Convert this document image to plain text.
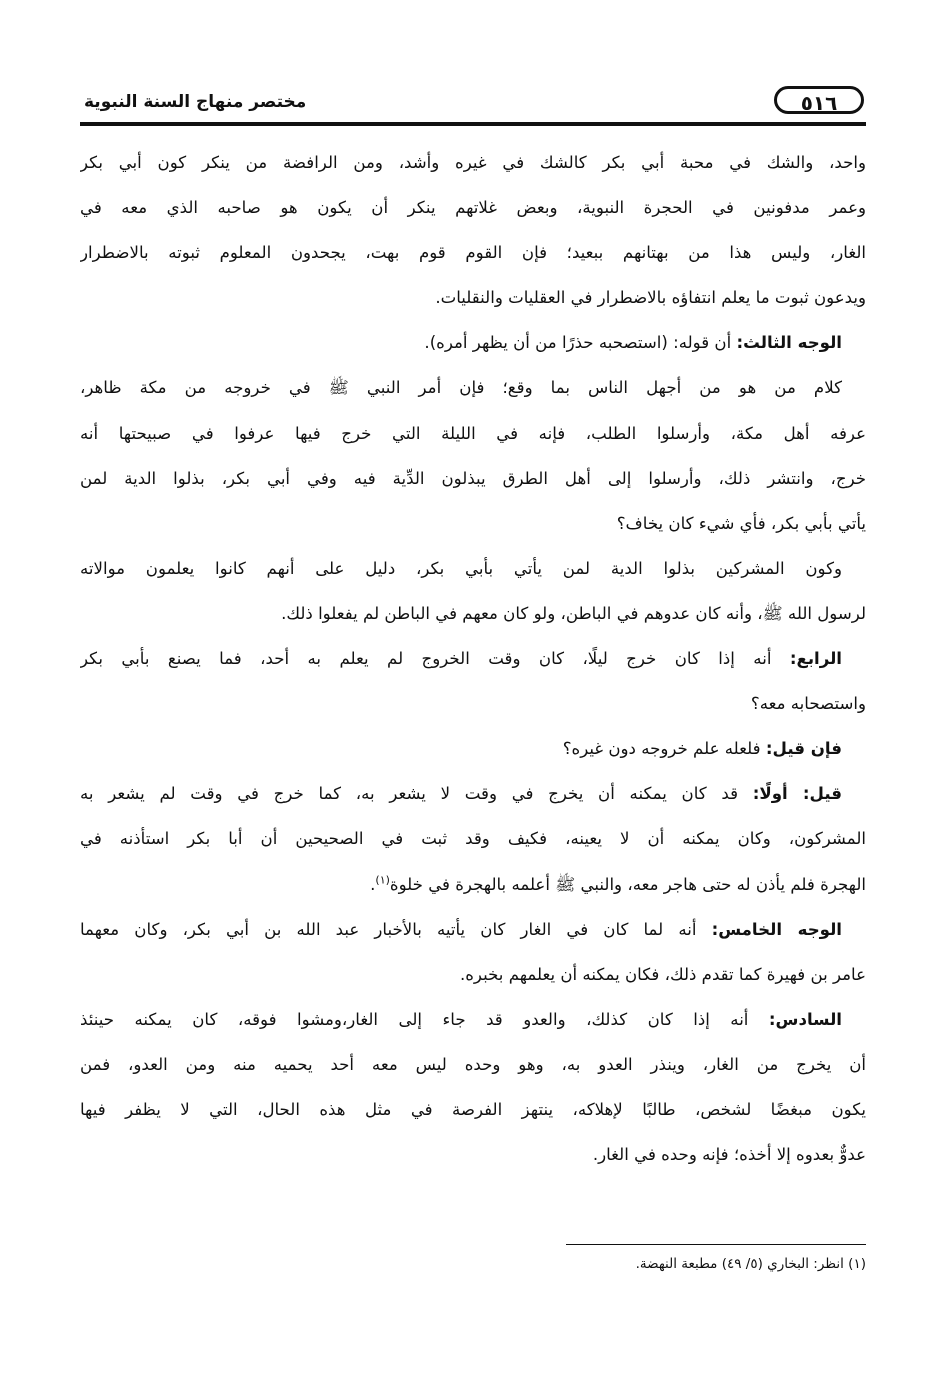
٥١٦
مختصر منهاج السنة النبوية
واحد، والشك في محبة أبي بكر كالشك في غيره وأشد، ومن الرافضة من ينكر كون أبي بكر
وعمر مدفونين في الحجرة النبوية، وبعض غلاتهم ينكر أن يكون هو صاحبه الذي معه في
الغار، وليس هذا من بهتانهم ببعيد؛ فإن القوم قوم بهت، يجحدون المعلوم ثبوته بالاضطرار
ويدعون ثبوت ما يعلم انتفاؤه بالاضطرار في العقليات والنقليات.
الوجه الثالث: أن قوله: (استصحبه حذرًا من أن يظهر أمره).
كلام من هو من أجهل الناس بما وقع؛ فإن أمر النبي ﷺ في خروجه من مكة ظاهر،
عرفه أهل مكة، وأرسلوا الطلب، فإنه في الليلة التي خرج فيها عرفوا في صبيحتها أنه
خرج، وانتشر ذلك، وأرسلوا إلى أهل الطرق يبذلون الدِّية فيه وفي أبي بكر، بذلوا الدية لمن
يأتي بأبي بكر، فأي شيء كان يخاف؟
وكون المشركين بذلوا الدية لمن يأتي بأبي بكر، دليل على أنهم كانوا يعلمون موالاته
لرسول الله ﷺ، وأنه كان عدوهم في الباطن، ولو كان معهم في الباطن لم يفعلوا ذلك.
الرابع: أنه إذا كان خرج ليلًا، كان وقت الخروج لم يعلم به أحد، فما يصنع بأبي بكر
واستصحابه معه؟
فإن قيل: فلعله علم خروجه دون غيره؟
قيل: أولًا: قد كان يمكنه أن يخرج في وقت لا يشعر به، كما خرج في وقت لم يشعر به
المشركون، وكان يمكنه أن لا يعينه، فكيف وقد ثبت في الصحيحين أن أبا بكر استأذنه في
الهجرة فلم يأذن له حتى هاجر معه، والنبي ﷺ أعلمه بالهجرة في خلوة$^{(١)}$.
الوجه الخامس: أنه لما كان في الغار كان يأتيه بالأخبار عبد الله بن أبي بكر، وكان معهما
عامر بن فهيرة كما تقدم ذلك، فكان يمكنه أن يعلمهم بخبره.
السادس: أنه إذا كان كذلك، والعدو قد جاء إلى الغار،ومشوا فوقه، كان يمكنه حينئذ
أن يخرج من الغار، وينذر العدو به، وهو وحده ليس معه أحد يحميه منه ومن العدو، فمن
يكون مبغضًا لشخص، طالبًا لإهلاكه، ينتهز الفرصة في مثل هذه الحال، التي لا يظفر فيها
عدوٌّ بعدوه إلا أخذه؛ فإنه وحده في الغار.
(١) انظر: البخاري (٥/ ٤٩) مطبعة النهضة.
